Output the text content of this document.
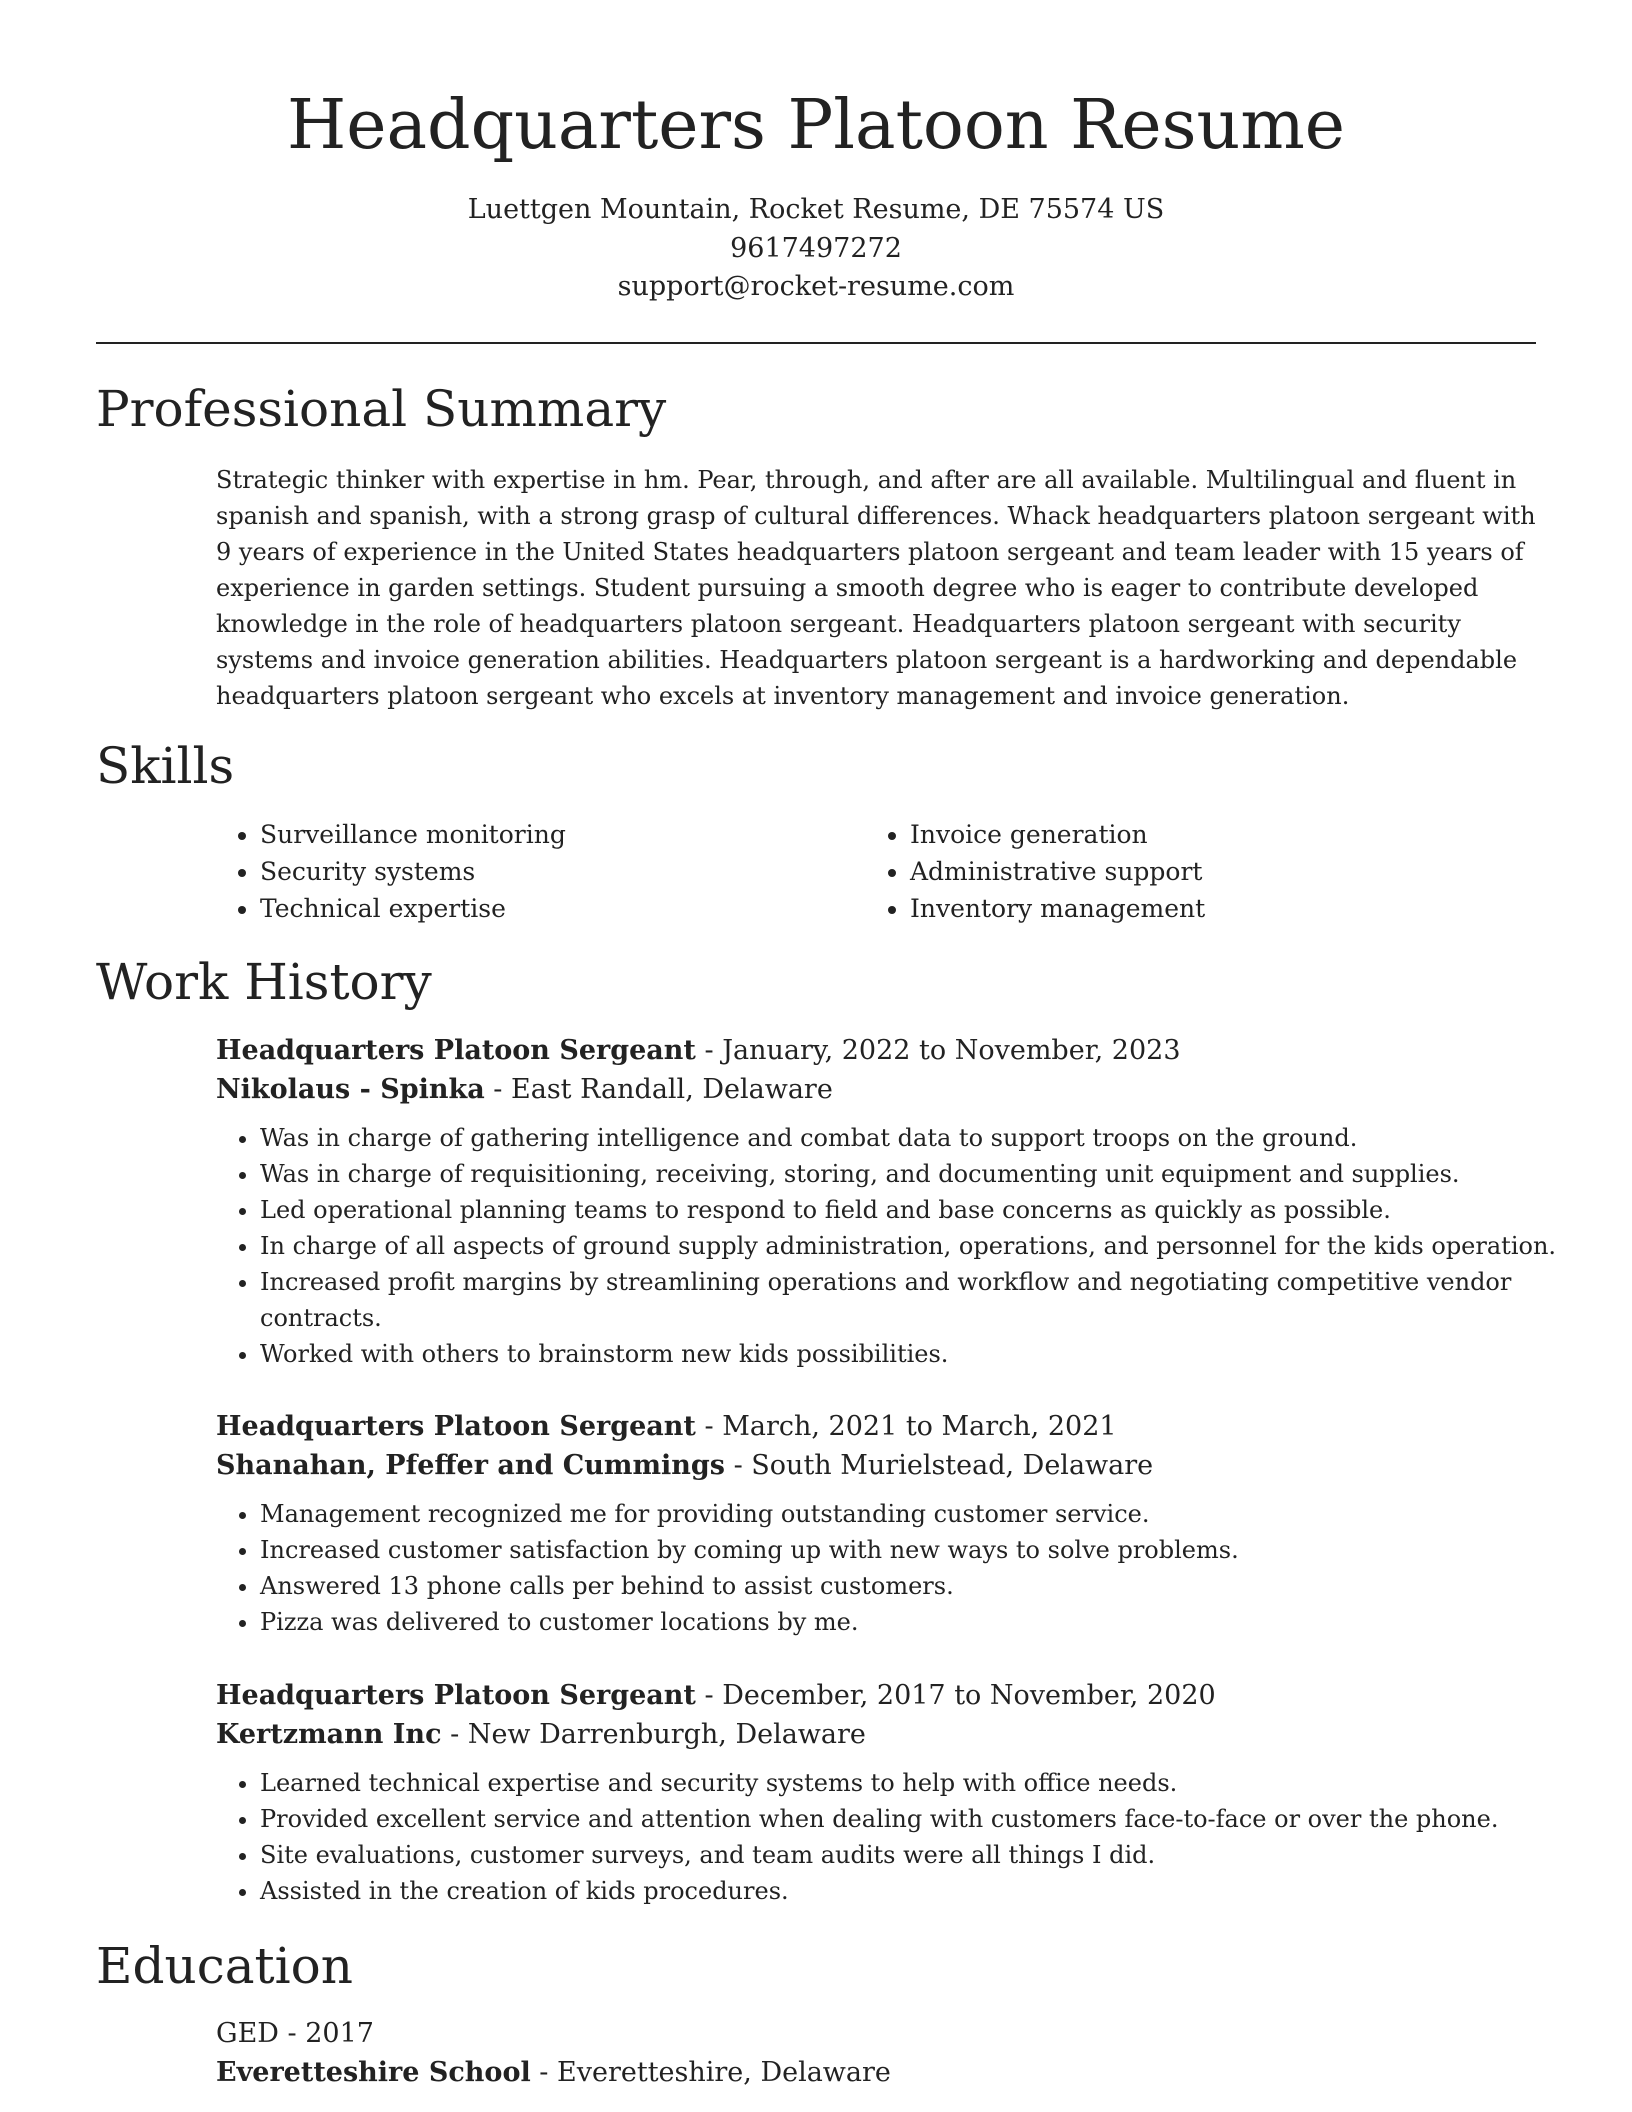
Headquarters Platoon Resume
Luettgen Mountain, Rocket Resume, DE 75574 US
9617497272
support@rocket-resume.com
Professional Summary

Strategic thinker with expertise in hm. Pear, through, and after are all available. Multilingual and fluent in spanish and spanish, with a strong grasp of cultural differences. Whack headquarters platoon sergeant with 9 years of experience in the United States headquarters platoon sergeant and team leader with 15 years of experience in garden settings. Student pursuing a smooth degree who is eager to contribute developed knowledge in the role of headquarters platoon sergeant. Headquarters platoon sergeant with security systems and invoice generation abilities. Headquarters platoon sergeant is a hardworking and dependable headquarters platoon sergeant who excels at inventory management and invoice generation.

Skills
• Surveillance monitoring
• Security systems
• Technical expertise
• Invoice generation
• Administrative support
• Inventory management
Work History
Headquarters Platoon Sergeant - January, 2022 to November, 2023
Nikolaus - Spinka - East Randall, Delaware
• Was in charge of gathering intelligence and combat data to support troops on the ground.
• Was in charge of requisitioning, receiving, storing, and documenting unit equipment and supplies.
• Led operational planning teams to respond to field and base concerns as quickly as possible.
• In charge of all aspects of ground supply administration, operations, and personnel for the kids operation.
• Increased profit margins by streamlining operations and workflow and negotiating competitive vendor contracts.
• Worked with others to brainstorm new kids possibilities.
Headquarters Platoon Sergeant - March, 2021 to March, 2021
Shanahan, Pfeffer and Cummings - South Murielstead, Delaware
• Management recognized me for providing outstanding customer service.
• Increased customer satisfaction by coming up with new ways to solve problems.
• Answered 13 phone calls per behind to assist customers.
• Pizza was delivered to customer locations by me.
Headquarters Platoon Sergeant - December, 2017 to November, 2020
Kertzmann Inc - New Darrenburgh, Delaware
• Learned technical expertise and security systems to help with office needs.
• Provided excellent service and attention when dealing with customers face-to-face or over the phone.
• Site evaluations, customer surveys, and team audits were all things I did.
• Assisted in the creation of kids procedures.
Education
GED - 2017
Everetteshire School - Everetteshire, Delaware
